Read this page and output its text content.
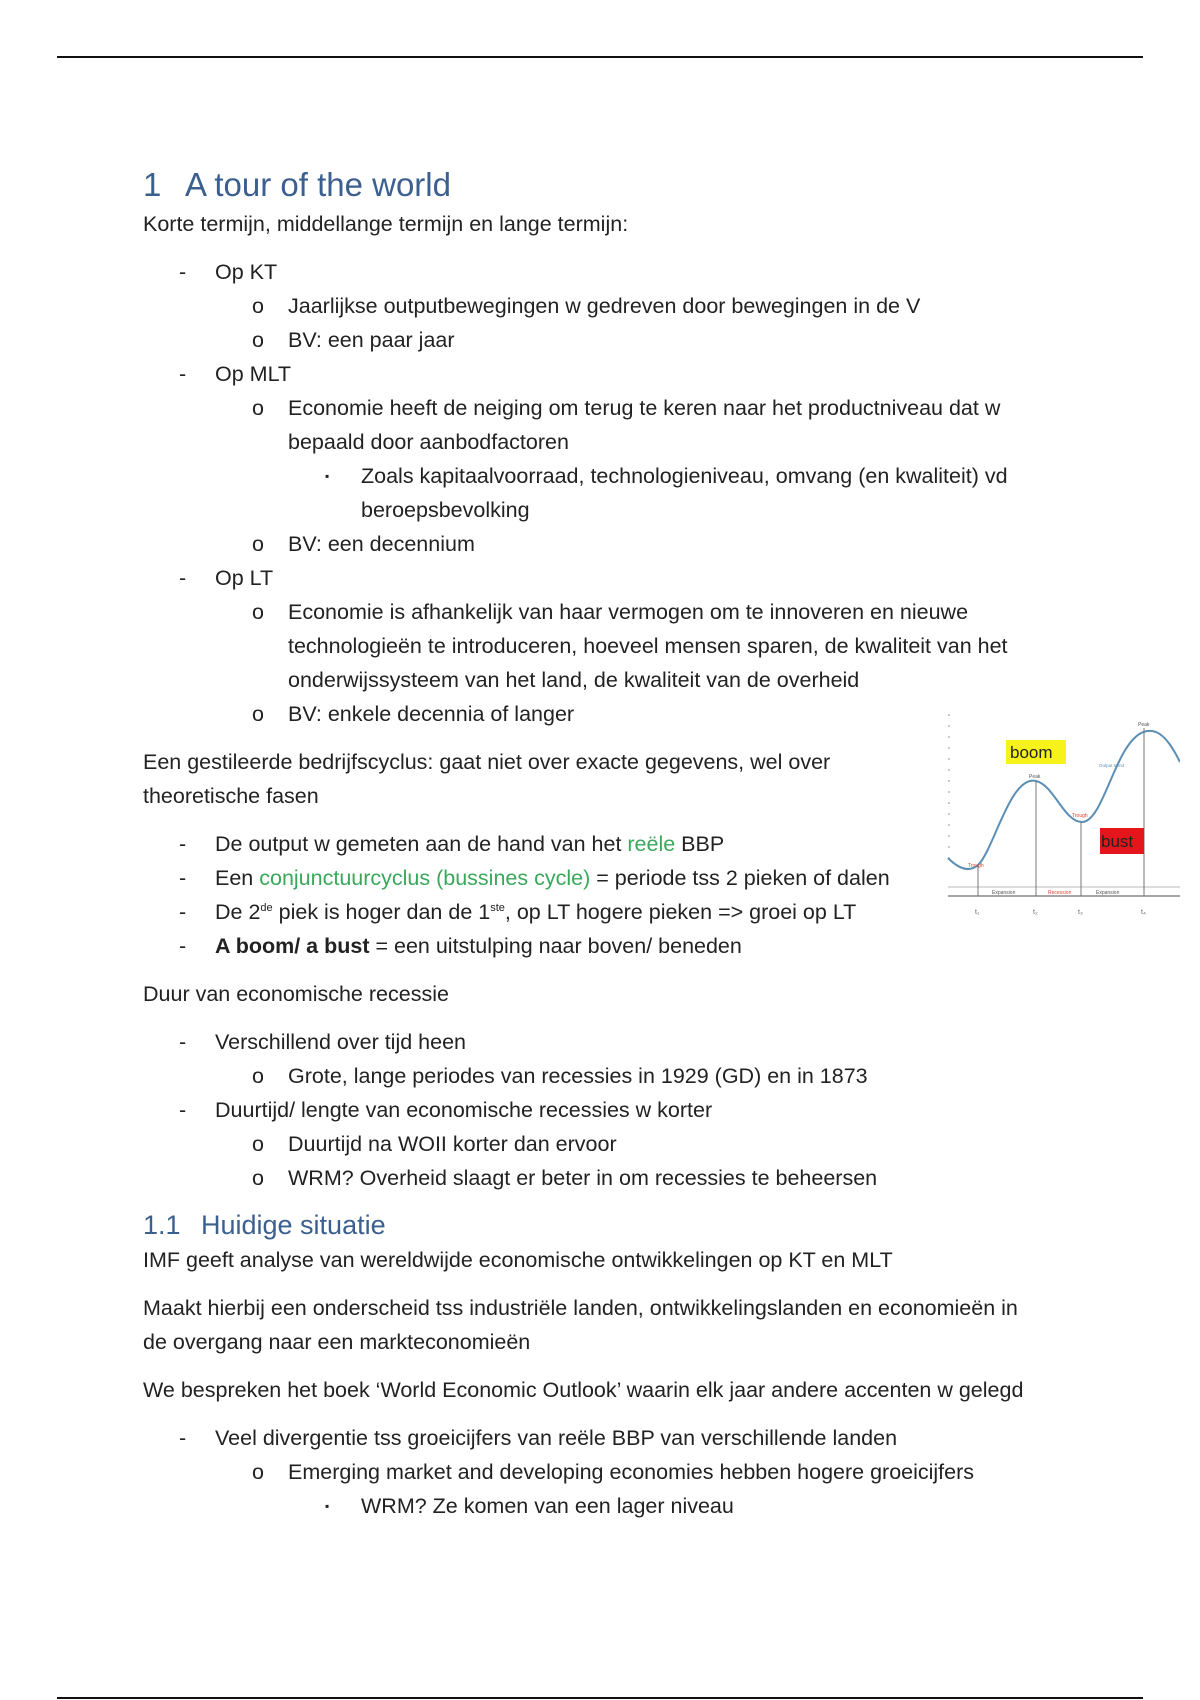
1 A tour of the world

Korte termijn, middellange termijn en lange termijn:

- Op KT
o Jaarlijkse outputbewegingen w gedreven door bewegingen in de V
o BV: een paar jaar
- Op MLT
o Economie heeft de neiging om terug te keren naar het productniveau dat w
bepaald door aanbodfactoren
▪ Zoals kapitaalvoorraad, technologieniveau, omvang (en kwaliteit) vd
beroepsbevolking
o BV: een decennium
- Op LT
o Economie is afhankelijk van haar vermogen om te innoveren en nieuwe
technologieën te introduceren, hoeveel mensen sparen, de kwaliteit van het
onderwijssysteem van het land, de kwaliteit van de overheid
o BV: enkele decennia of langer

Een gestileerde bedrijfscyclus: gaat niet over exacte gegevens, wel over
theoretische fasen

- De output w gemeten aan de hand van het reële BBP
- Een conjunctuurcyclus (bussines cycle) = periode tss 2 pieken of dalen
- De 2de piek is hoger dan de 1ste, op LT hogere pieken => groei op LT
- A boom/ a bust = een uitstulping naar boven/ beneden

Duur van economische recessie

- Verschillend over tijd heen
o Grote, lange periodes van recessies in 1929 (GD) en in 1873
- Duurtijd/ lengte van economische recessies w korter
o Duurtijd na WOII korter dan ervoor
o WRM? Overheid slaagt er beter in om recessies te beheersen
1.1 Huidige situatie

IMF geeft analyse van wereldwijde economische ontwikkelingen op KT en MLT

Maakt hierbij een onderscheid tss industriële landen, ontwikkelingslanden en economieën in
de overgang naar een markteconomieën

We bespreken het boek ‘World Economic Outlook’ waarin elk jaar andere accenten w gelegd

- Veel divergentie tss groeicijfers van reële BBP van verschillende landen
o Emerging market and developing economies hebben hogere groeicijfers
▪ WRM? Ze komen van een lager niveau
Trough
Peak
Trough
Peak
Output trend
Expansion	Recession	Expansion
t₁	t₂	t₃	t₄
boom
bust
